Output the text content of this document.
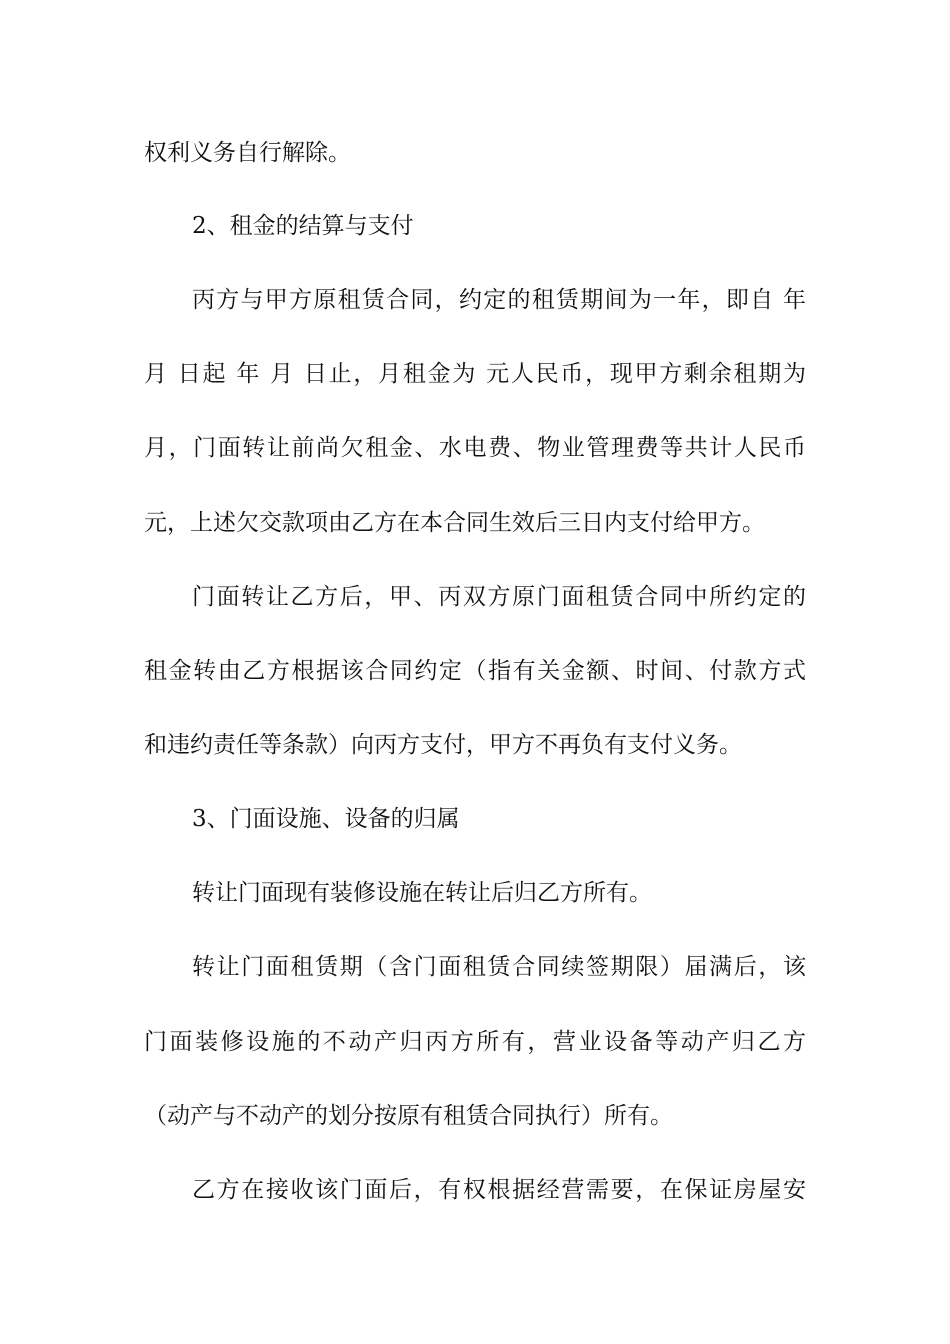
权利义务自行解除。
2、租金的结算与支付
丙方与甲方原租赁合同，约定的租赁期间为一年，即自 年
月 日起 年 月 日止，月租金为 元人民币，现甲方剩余租期为
月，门面转让前尚欠租金、水电费、物业管理费等共计人民币
元，上述欠交款项由乙方在本合同生效后三日内支付给甲方。
门面转让乙方后，甲、丙双方原门面租赁合同中所约定的
租金转由乙方根据该合同约定（指有关金额、时间、付款方式
和违约责任等条款）向丙方支付，甲方不再负有支付义务。
3、门面设施、设备的归属
转让门面现有装修设施在转让后归乙方所有。
转让门面租赁期（含门面租赁合同续签期限）届满后，该
门面装修设施的不动产归丙方所有，营业设备等动产归乙方
（动产与不动产的划分按原有租赁合同执行）所有。
乙方在接收该门面后，有权根据经营需要，在保证房屋安
